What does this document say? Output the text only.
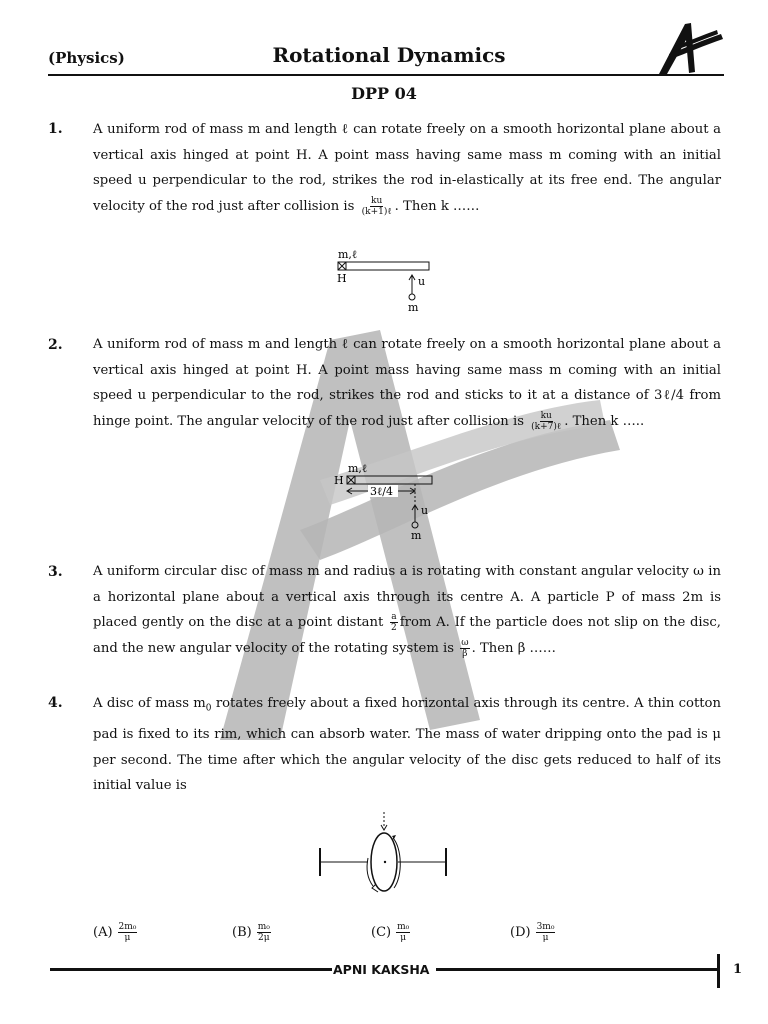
(Physics)	Rotational Dynamics
DPP 04
1. A uniform rod of mass m and length ℓ can rotate freely on a smooth horizontal plane about a vertical axis hinged at point H. A point mass having same mass m coming with an initial speed u perpendicular to the rod, strikes the rod in-elastically at its free end. The angular velocity of the rod just after collision is $\frac{ku}{\text{(k+1)ℓ}}$ . Then k ……
m,ℓ
H	u
m
2. A uniform rod of mass m and length ℓ can rotate freely on a smooth horizontal plane about a vertical axis hinged at point H. A point mass having same mass m coming with an initial speed u perpendicular to the rod, strikes the rod and sticks to it at a distance of 3ℓ/4 from hinge point. The angular velocity of the rod just after collision is $\frac{ku}{\text{(k+7)ℓ}}$ . Then k …..
m,ℓ
H
3ℓ/4
u
m
3. A uniform circular disc of mass m and radius a is rotating with constant angular velocity ω in a horizontal plane about a vertical axis through its centre A. A particle P of mass 2m is placed gently on the disc at a point distant $\frac{a}{2}$ from A. If the particle does not slip on the disc, and the new angular velocity of the rotating system is $\frac{\omega}{\beta}$ . Then β ……
4. A disc of mass $m_0$ rotates freely about a fixed horizontal axis through its centre. A thin cotton pad is fixed to its rim, which can absorb water. The mass of water dripping onto the pad is μ per second. The time after which the angular velocity of the disc gets reduced to half of its initial value is
$(A) \frac{\text{2m₀}}{\mu}$	$(B) \frac{\text{m₀}}{2\mu}$	$(C) \frac{\text{m₀}}{\mu}$	$(D) \frac{\text{3m₀}}{\mu}$
APNI KAKSHA	1
